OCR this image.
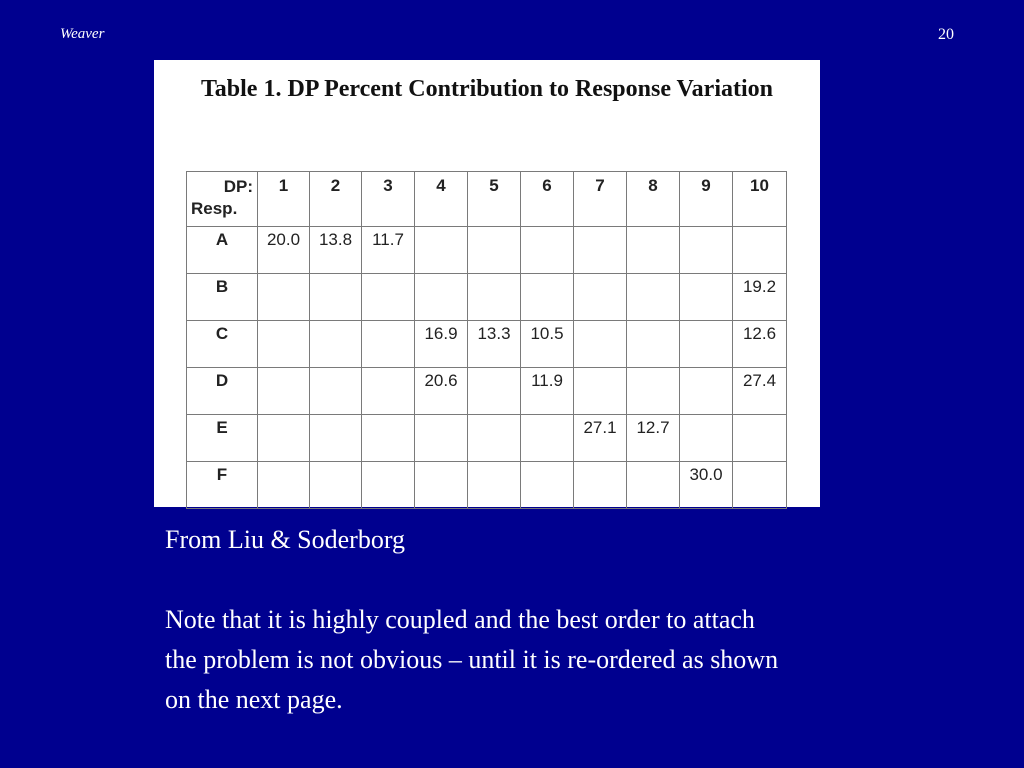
Weaver	20
Table 1. DP Percent Contribution to Response Variation
DP:
Resp.	1	2	3	4	5	6	7	8	9	10
A	20.0	13.8	11.7							
B										19.2
C				16.9	13.3	10.5				12.6
D				20.6		11.9				27.4
E							27.1	12.7		
F									30.0	
From Liu & Soderborg
Note that it is highly coupled and the best order to attach the problem is not obvious – until it is re-ordered as shown on the next page.
